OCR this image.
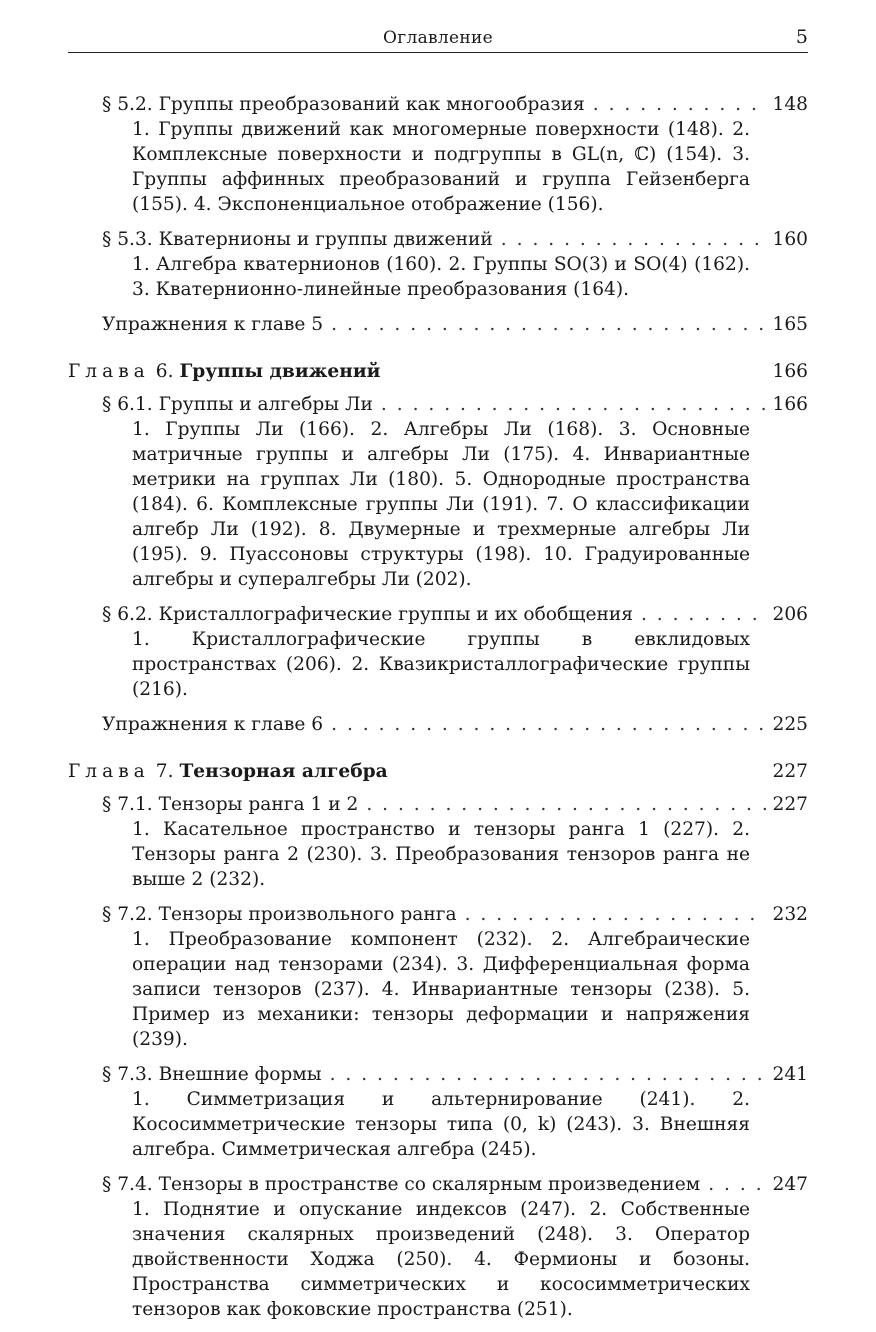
Оглавление	5
§ 5.2. Группы преобразований как многообразия . . .	148
1. Группы движений как многомерные поверхности (148). 2. Комплексные поверхности и подгруппы в GL(n, ℂ) (154). 3. Группы аффинных преобразований и группа Гейзенберга (155). 4. Экспоненциальное отображение (156).
§ 5.3. Кватернионы и группы движений . . .	160
1. Алгебра кватернионов (160). 2. Группы SO(3) и SO(4) (162). 3. Кватернионно-линейные преобразования (164).
Упражнения к главе 5 . . .	165
Глава 6.
Группы движений	166
§ 6.1. Группы и алгебры Ли . . .	166
1. Группы Ли (166). 2. Алгебры Ли (168). 3. Основные матричные группы и алгебры Ли (175). 4. Инвариантные метрики на группах Ли (180). 5. Однородные пространства (184). 6. Комплексные группы Ли (191). 7. О классификации алгебр Ли (192). 8. Двумерные и трехмерные алгебры Ли (195). 9. Пуассоновы структуры (198). 10. Градуированные алгебры и супералгебры Ли (202).
§ 6.2. Кристаллографические группы и их обобщения . . .	206
1. Кристаллографические группы в евклидовых пространствах (206). 2. Квазикристаллографические группы (216).
Упражнения к главе 6 . . .	225
Глава 7.
Тензорная алгебра	227
§ 7.1. Тензоры ранга 1 и 2 . . .	227
1. Касательное пространство и тензоры ранга 1 (227). 2. Тензоры ранга 2 (230). 3. Преобразования тензоров ранга не выше 2 (232).
§ 7.2. Тензоры произвольного ранга . . .	232
1. Преобразование компонент (232). 2. Алгебраические операции над тензорами (234). 3. Дифференциальная форма записи тензоров (237). 4. Инвариантные тензоры (238). 5. Пример из механики: тензоры деформации и напряжения (239).
§ 7.3. Внешние формы . . .	241
1. Симметризация и альтернирование (241). 2. Кососимметрические тензоры типа (0, k) (243). 3. Внешняя алгебра. Симметрическая алгебра (245).
§ 7.4. Тензоры в пространстве со скалярным произведением . . .	247
1. Поднятие и опускание индексов (247). 2. Собственные значения скалярных произведений (248). 3. Оператор двойственности Ходжа (250). 4. Фермионы и бозоны. Пространства симметрических и кососимметрических тензоров как фоковские пространства (251).
